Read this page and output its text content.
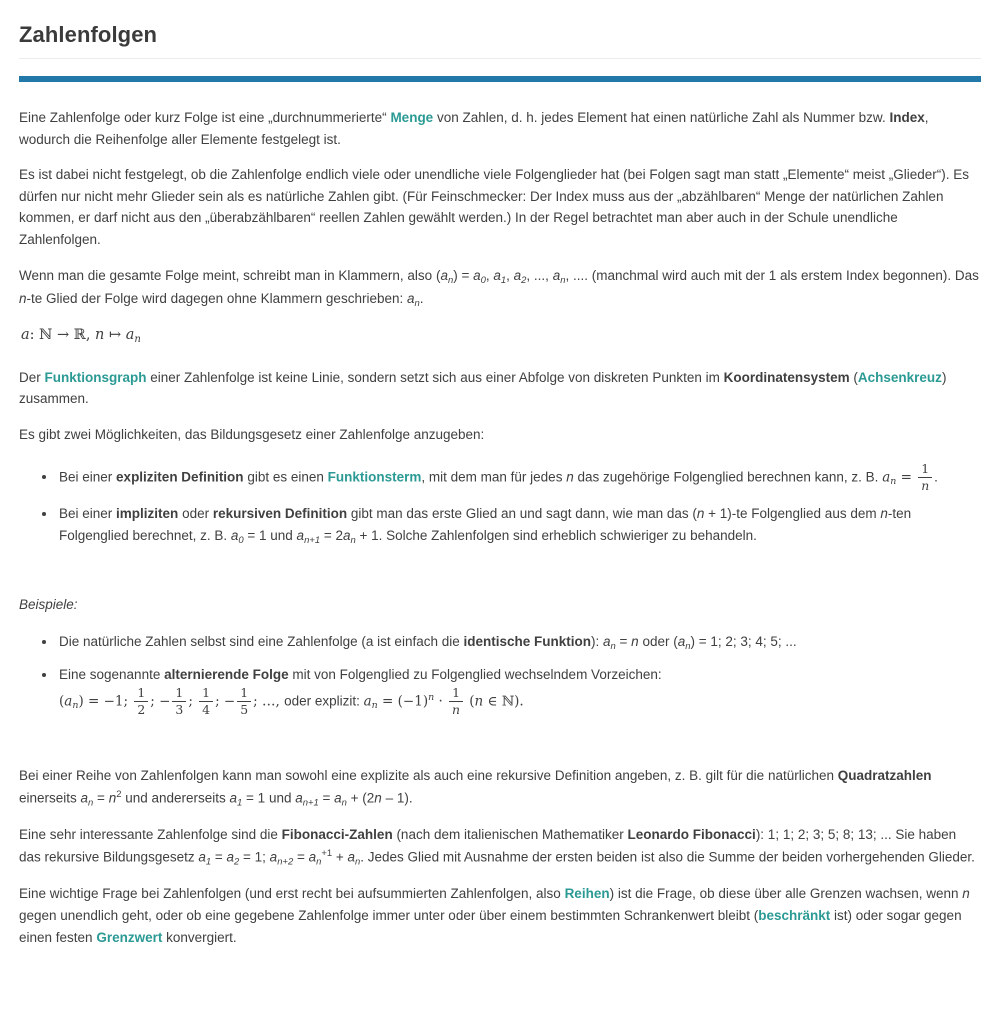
Zahlenfolgen

Eine Zahlenfolge oder kurz Folge ist eine „durchnummerierte“ Menge von Zahlen, d. h. jedes Element hat einen natürliche Zahl als Nummer bzw. Index, wodurch die Reihenfolge aller Elemente festgelegt ist.

Es ist dabei nicht festgelegt, ob die Zahlenfolge endlich viele oder unendliche viele Folgenglieder hat (bei Folgen sagt man statt „Elemente“ meist „Glieder“). Es dürfen nur nicht mehr Glieder sein als es natürliche Zahlen gibt. (Für Feinschmecker: Der Index muss aus der „abzählbaren“ Menge der natürlichen Zahlen kommen, er darf nicht aus den „überabzählbaren“ reellen Zahlen gewählt werden.) In der Regel betrachtet man aber auch in der Schule unendliche Zahlenfolgen.

Wenn man die gesamte Folge meint, schreibt man in Klammern, also $(a_n) = a_0$, $a_1$, $a_2$, ..., $a_n$, .... (manchmal wird auch mit der 1 als erstem Index begonnen). Das n-te Glied der Folge wird dagegen ohne Klammern geschrieben: $a_n$.

a: ℕ → ℝ, n ↦ $a_n$

Der Funktionsgraph einer Zahlenfolge ist keine Linie, sondern setzt sich aus einer Abfolge von diskreten Punkten im Koordinatensystem (Achsenkreuz) zusammen.

Es gibt zwei Möglichkeiten, das Bildungsgesetz einer Zahlenfolge anzugeben:

• Bei einer expliziten Definition gibt es einen Funktionsterm, mit dem man für jedes n das zugehörige Folgenglied berechnen kann, z. B. $a_n = \frac{1}{n}$ .
• Bei einer impliziten oder rekursiven Definition gibt man das erste Glied an und sagt dann, wie man das (n + 1)-te Folgenglied aus dem n-ten Folgenglied berechnet, z. B. $a_0 = 1$ und $a_{n+1} = 2a_n + 1$. Solche Zahlenfolgen sind erheblich schwieriger zu behandeln.

Beispiele:

• Die natürliche Zahlen selbst sind eine Zahlenfolge (a ist einfach die identische Funktion): $a_n = n$ oder $(a_n) = 1$; 2; 3; 4; 5; ...
• Eine sogenannte alternierende Folge mit von Folgenglied zu Folgenglied wechselndem Vorzeichen:
$(a_n) = -1$; $\frac{1}{2}$ ; − $\frac{1}{3}$ ; $\frac{1}{4}$ ; − $\frac{1}{5}$ ; …, oder explizit: $a_n = (-1)^n \cdot \frac{1}{n} (n$ ∈ ℕ).

Bei einer Reihe von Zahlenfolgen kann man sowohl eine explizite als auch eine rekursive Definition angeben, z. B. gilt für die natürlichen Quadratzahlen einerseits $a_n = n^2$ und andererseits $a_1 = 1$ und $a_{n+1} = a_n + (2n - 1)$.

Eine sehr interessante Zahlenfolge sind die Fibonacci-Zahlen (nach dem italienischen Mathematiker Leonardo Fibonacci): 1; 1; 2; 3; 5; 8; 13; ... Sie haben das rekursive Bildungsgesetz $a_1 = a_2 = 1$; $a_{n+2} = a_n^{+1} + a_n$. Jedes Glied mit Ausnahme der ersten beiden ist also die Summe der beiden vorhergehenden Glieder.

Eine wichtige Frage bei Zahlenfolgen (und erst recht bei aufsummierten Zahlenfolgen, also Reihen) ist die Frage, ob diese über alle Grenzen wachsen, wenn n gegen unendlich geht, oder ob eine gegebene Zahlenfolge immer unter oder über einem bestimmten Schrankenwert bleibt (beschränkt ist) oder sogar gegen einen festen Grenzwert konvergiert.
